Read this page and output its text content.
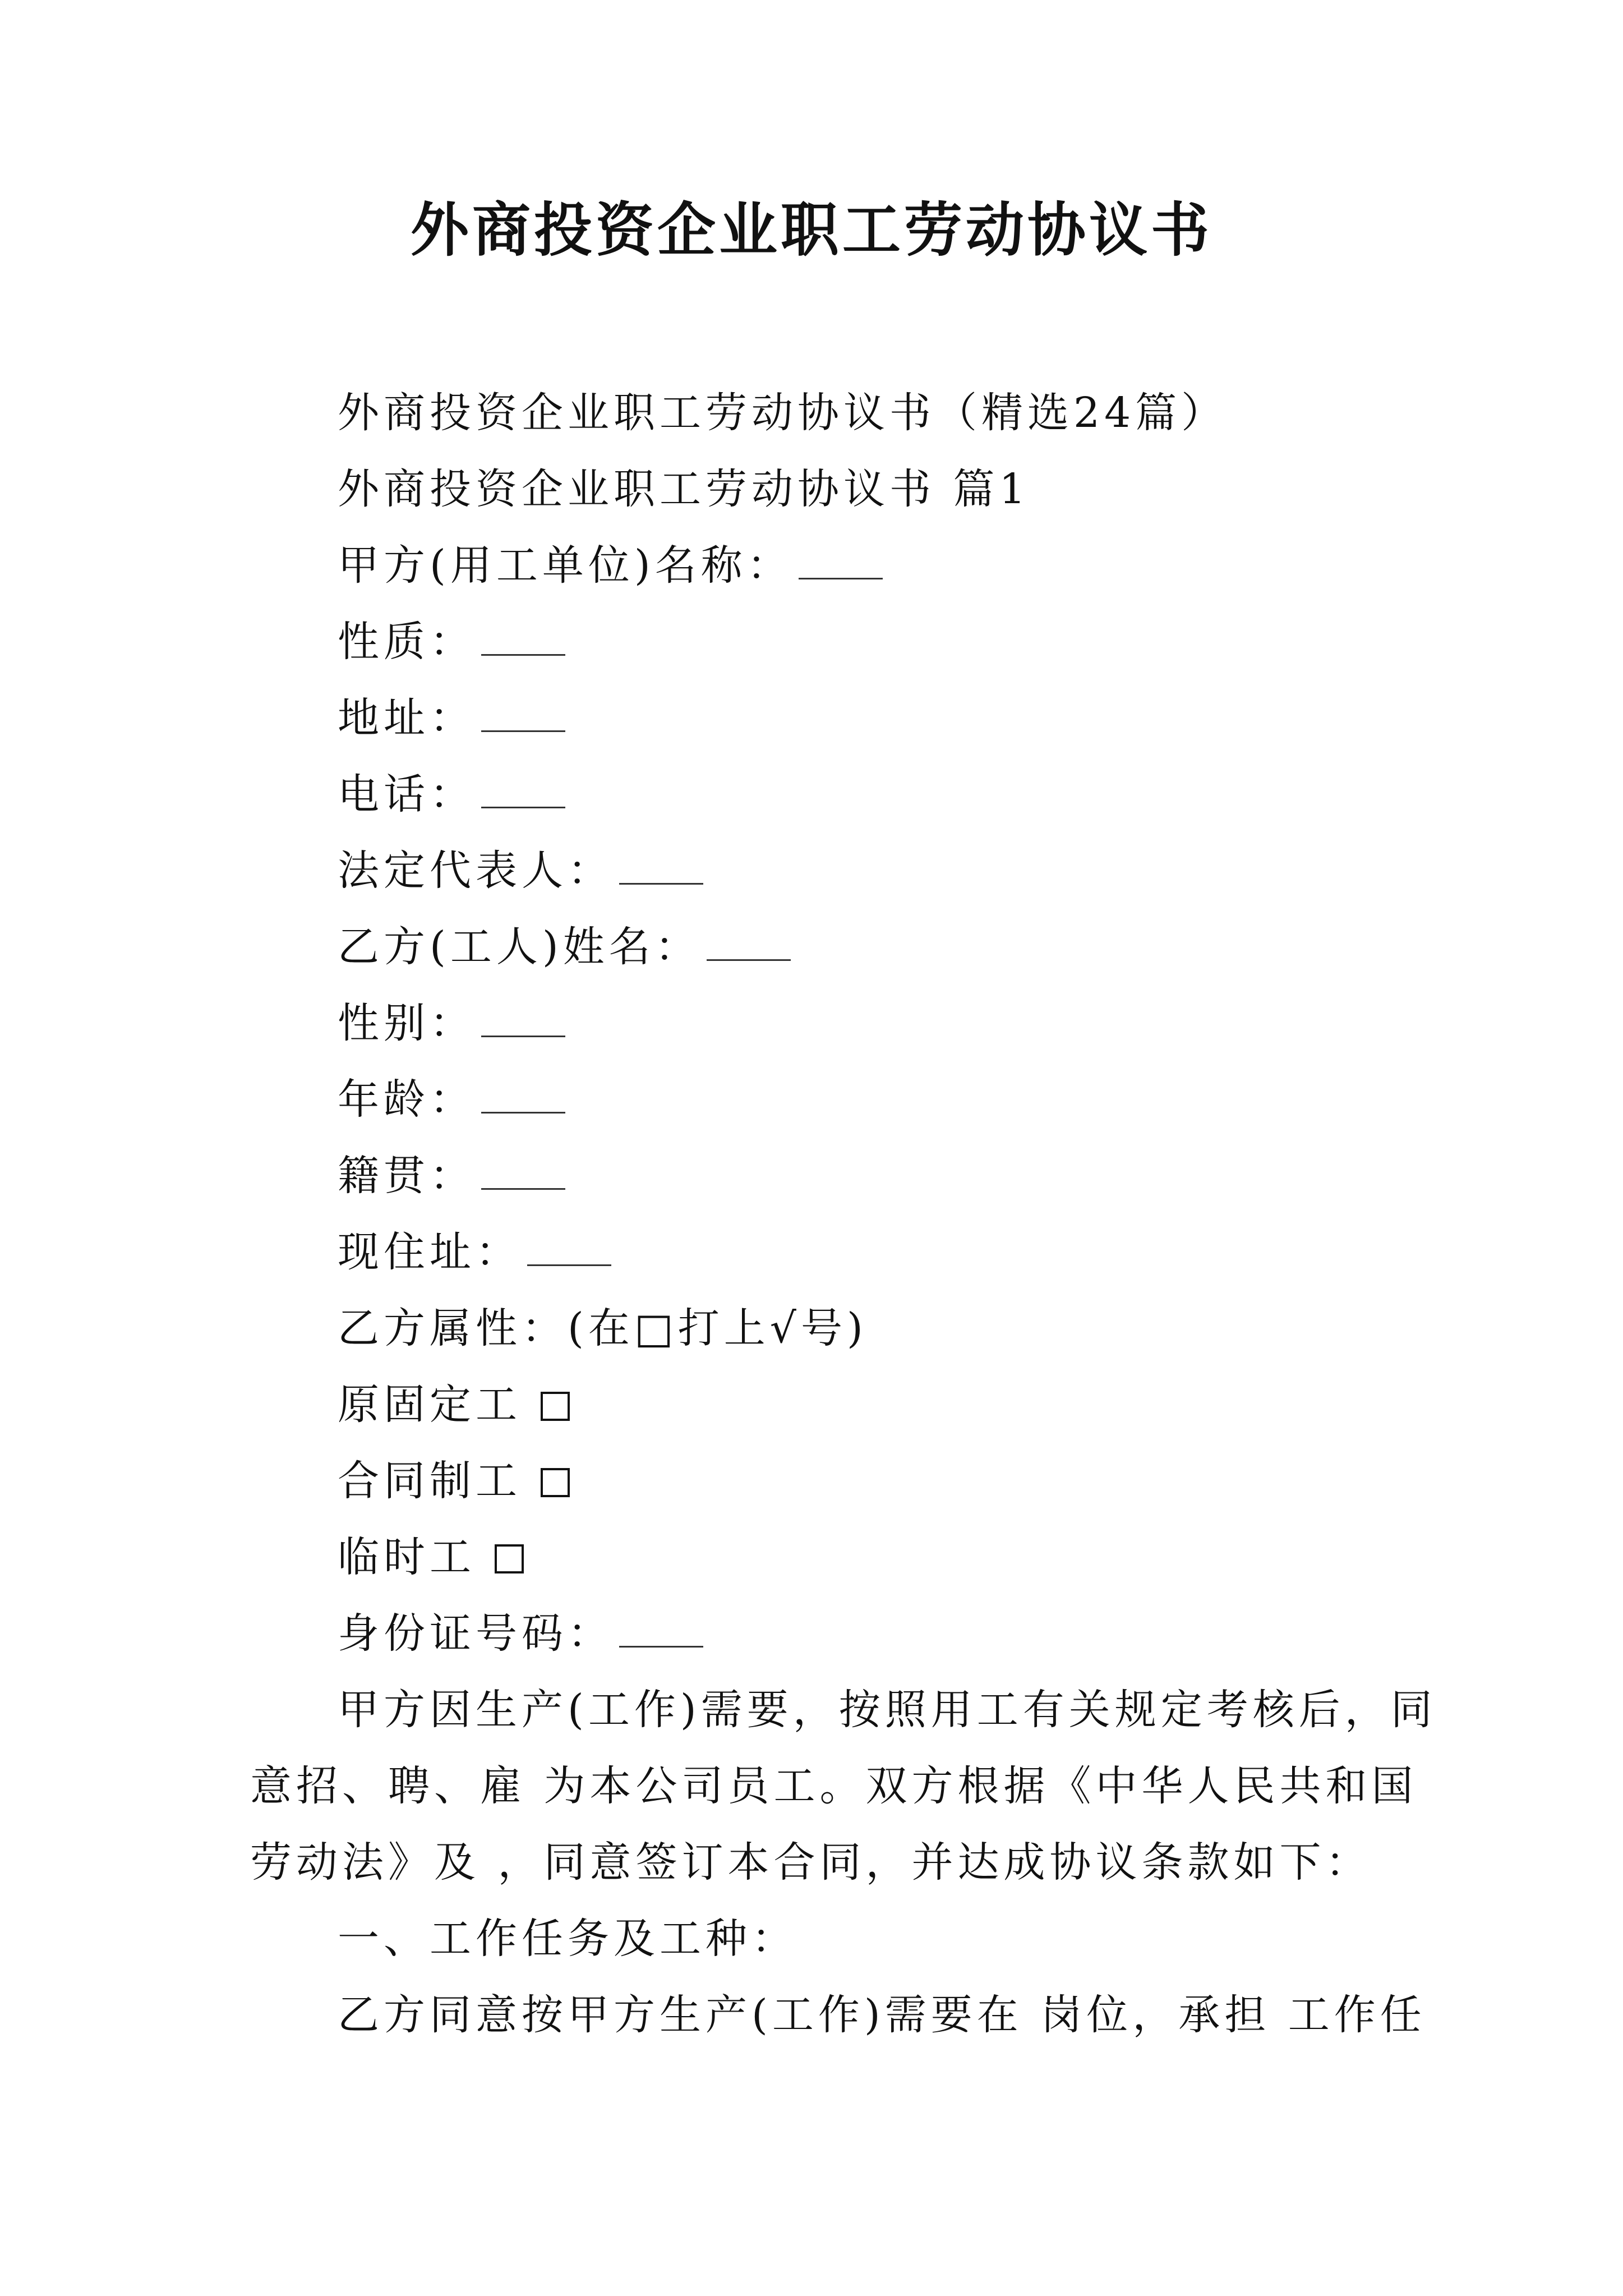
外商投资企业职工劳动协议书
外商投资企业职工劳动协议书（精选24篇）
外商投资企业职工劳动协议书 篇1
甲方(用工单位)名称：
性质：
地址：
电话：
法定代表人：
乙方(工人)姓名：
性别：
年龄：
籍贯：
现住址：
乙方属性：(在□打上√号)
原固定工
合同制工
临时工
身份证号码：
甲方因生产(工作)需要，按照用工有关规定考核后，同
意招、聘、雇 为本公司员工。双方根据《中华人民共和国
劳动法》及 ，同意签订本合同，并达成协议条款如下：
一、工作任务及工种：
乙方同意按甲方生产(工作)需要在 岗位，承担 工作任
